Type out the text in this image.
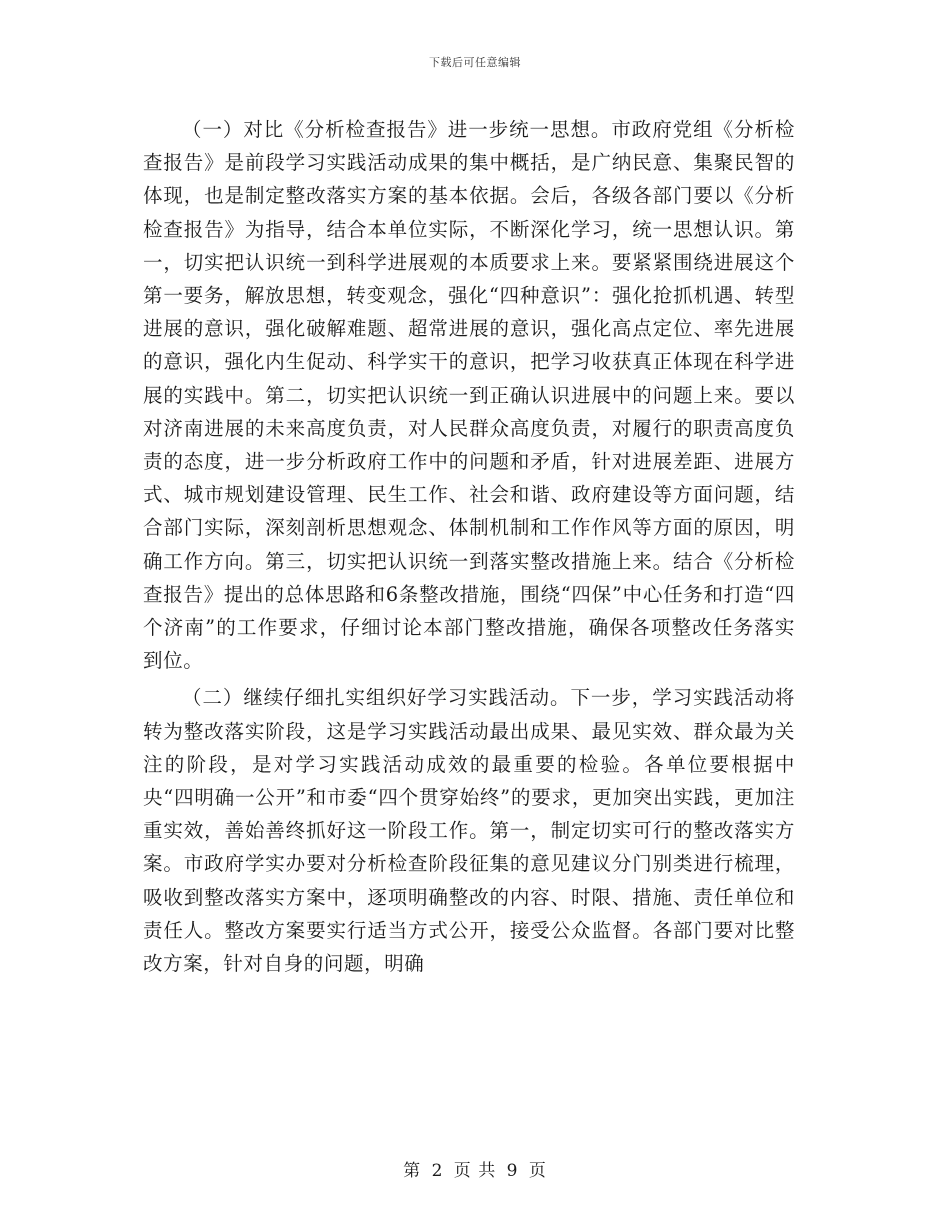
下载后可任意编辑

（一）对比《分析检查报告》进一步统一思想。市政府党组《分析检查报告》是前段学习实践活动成果的集中概括，是广纳民意、集聚民智的体现，也是制定整改落实方案的基本依据。会后，各级各部门要以《分析检查报告》为指导，结合本单位实际，不断深化学习，统一思想认识。第一，切实把认识统一到科学进展观的本质要求上来。要紧紧围绕进展这个第一要务，解放思想，转变观念，强化“四种意识”：强化抢抓机遇、转型进展的意识，强化破解难题、超常进展的意识，强化高点定位、率先进展的意识，强化内生促动、科学实干的意识，把学习收获真正体现在科学进展的实践中。第二，切实把认识统一到正确认识进展中的问题上来。要以对济南进展的未来高度负责，对人民群众高度负责，对履行的职责高度负责的态度，进一步分析政府工作中的问题和矛盾，针对进展差距、进展方式、城市规划建设管理、民生工作、社会和谐、政府建设等方面问题，结合部门实际，深刻剖析思想观念、体制机制和工作作风等方面的原因，明确工作方向。第三，切实把认识统一到落实整改措施上来。结合《分析检查报告》提出的总体思路和6条整改措施，围绕“四保”中心任务和打造“四个济南”的工作要求，仔细讨论本部门整改措施，确保各项整改任务落实到位。

（二）继续仔细扎实组织好学习实践活动。下一步，学习实践活动将转为整改落实阶段，这是学习实践活动最出成果、最见实效、群众最为关注的阶段，是对学习实践活动成效的最重要的检验。各单位要根据中央“四明确一公开”和市委“四个贯穿始终”的要求，更加突出实践，更加注重实效，善始善终抓好这一阶段工作。第一，制定切实可行的整改落实方案。市政府学实办要对分析检查阶段征集的意见建议分门别类进行梳理，吸收到整改落实方案中，逐项明确整改的内容、时限、措施、责任单位和责任人。整改方案要实行适当方式公开，接受公众监督。各部门要对比整改方案，针对自身的问题，明确

第 2 页 共 9 页
